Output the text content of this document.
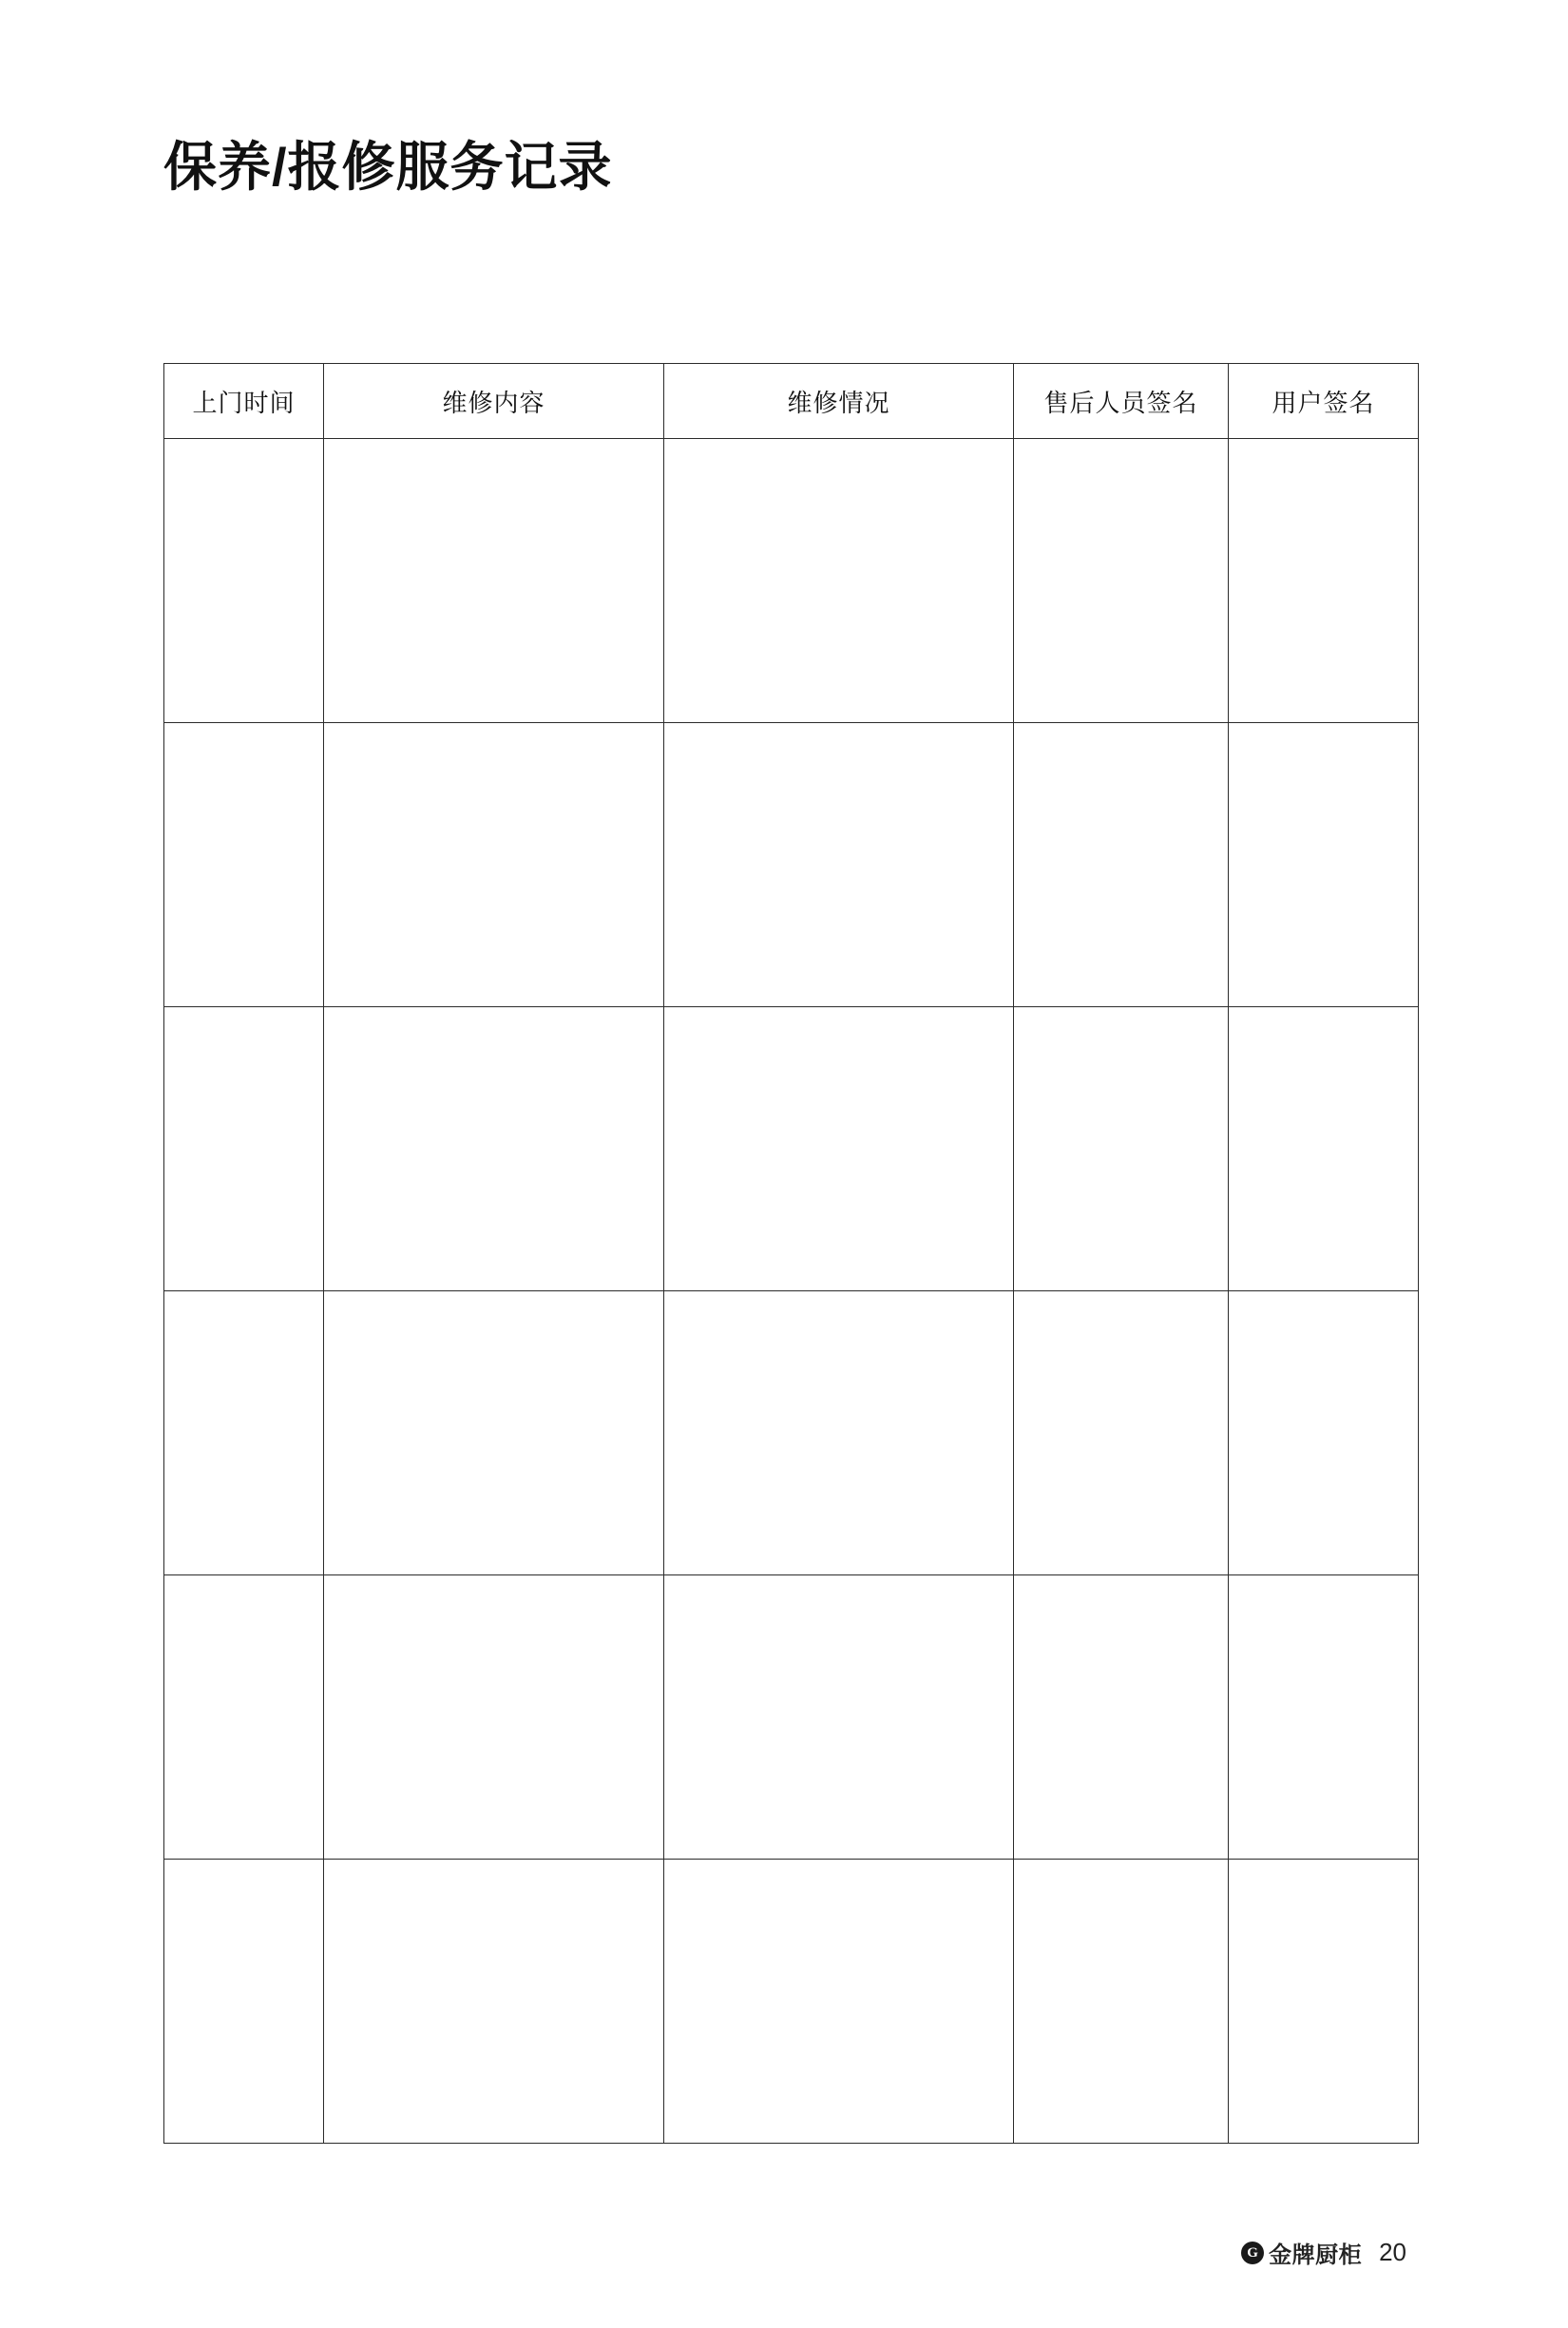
保养/报修服务记录
上门时间	维修内容	维修情况	售后人员签名	用户签名

G 金牌厨柜 20
